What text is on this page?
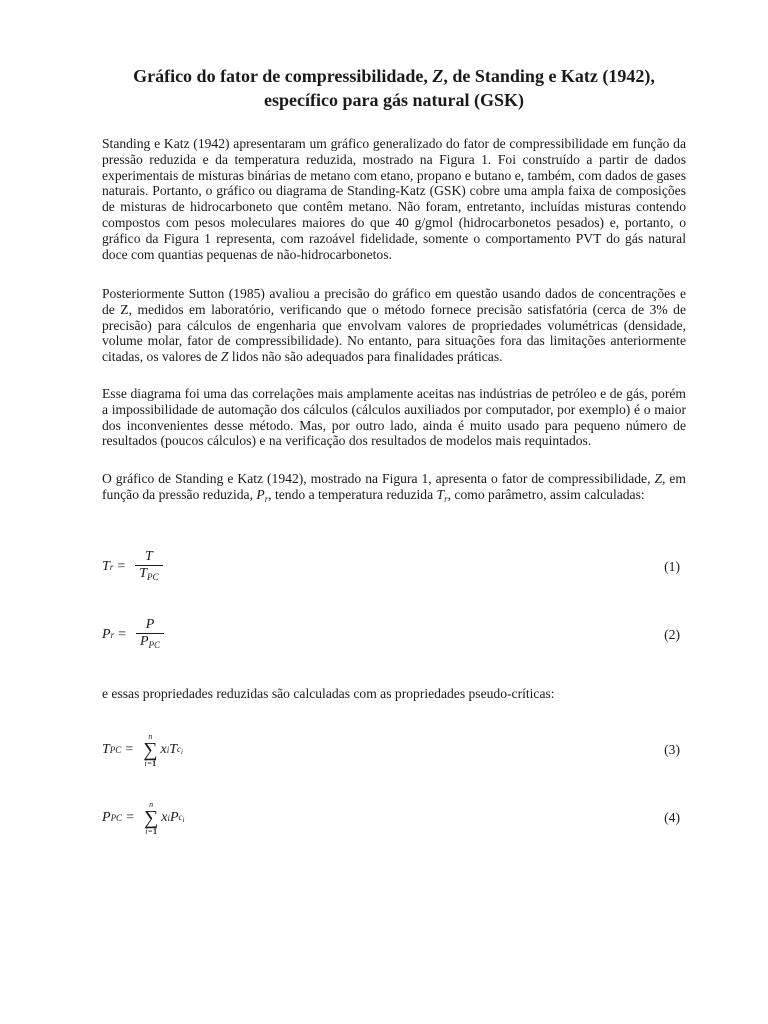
Gráfico do fator de compressibilidade, Z, de Standing e Katz (1942),
específico para gás natural (GSK)

Standing e Katz (1942) apresentaram um gráfico generalizado do fator de compressibilidade em função da pressão reduzida e da temperatura reduzida, mostrado na Figura 1. Foi construído a partir de dados experimentais de misturas binárias de metano com etano, propano e butano e, também, com dados de gases naturais. Portanto, o gráfico ou diagrama de Standing-Katz (GSK) cobre uma ampla faixa de composições de misturas de hidrocarboneto que contêm metano. Não foram, entretanto, incluídas misturas contendo compostos com pesos moleculares maiores do que 40 g/gmol (hidrocarbonetos pesados) e, portanto, o gráfico da Figura 1 representa, com razoável fidelidade, somente o comportamento PVT do gás natural doce com quantias pequenas de não-hidrocarbonetos.

Posteriormente Sutton (1985) avaliou a precisão do gráfico em questão usando dados de concentrações e de Z, medidos em laboratório, verificando que o método fornece precisão satisfatória (cerca de 3% de precisão) para cálculos de engenharia que envolvam valores de propriedades volumétricas (densidade, volume molar, fator de compressibilidade). No entanto, para situações fora das limitações anteriormente citadas, os valores de Z lidos não são adequados para finalidades práticas.

Esse diagrama foi uma das correlações mais amplamente aceitas nas indústrias de petróleo e de gás, porém a impossibilidade de automação dos cálculos (cálculos auxiliados por computador, por exemplo) é o maior dos inconvenientes desse método. Mas, por outro lado, ainda é muito usado para pequeno número de resultados (poucos cálculos) e na verificação dos resultados de modelos mais requintados.

O gráfico de Standing e Katz (1942), mostrado na Figura 1, apresenta o fator de compressibilidade, Z, em função da pressão reduzida, $P_r$, tendo a temperatura reduzida $T_r$, como parâmetro, assim calculadas:

T $r = \frac{T}{T_{PC}}$	(1)
P $r = \frac{P}{P_{PC}}$	(2)
e essas propriedades reduzidas são calculadas com as propriedades pseudo-críticas:
T PC =
n
∑
i=1
x i T $c_i$	(3)
P PC =
n
∑
i=1
x i P $c_i$	(4)
